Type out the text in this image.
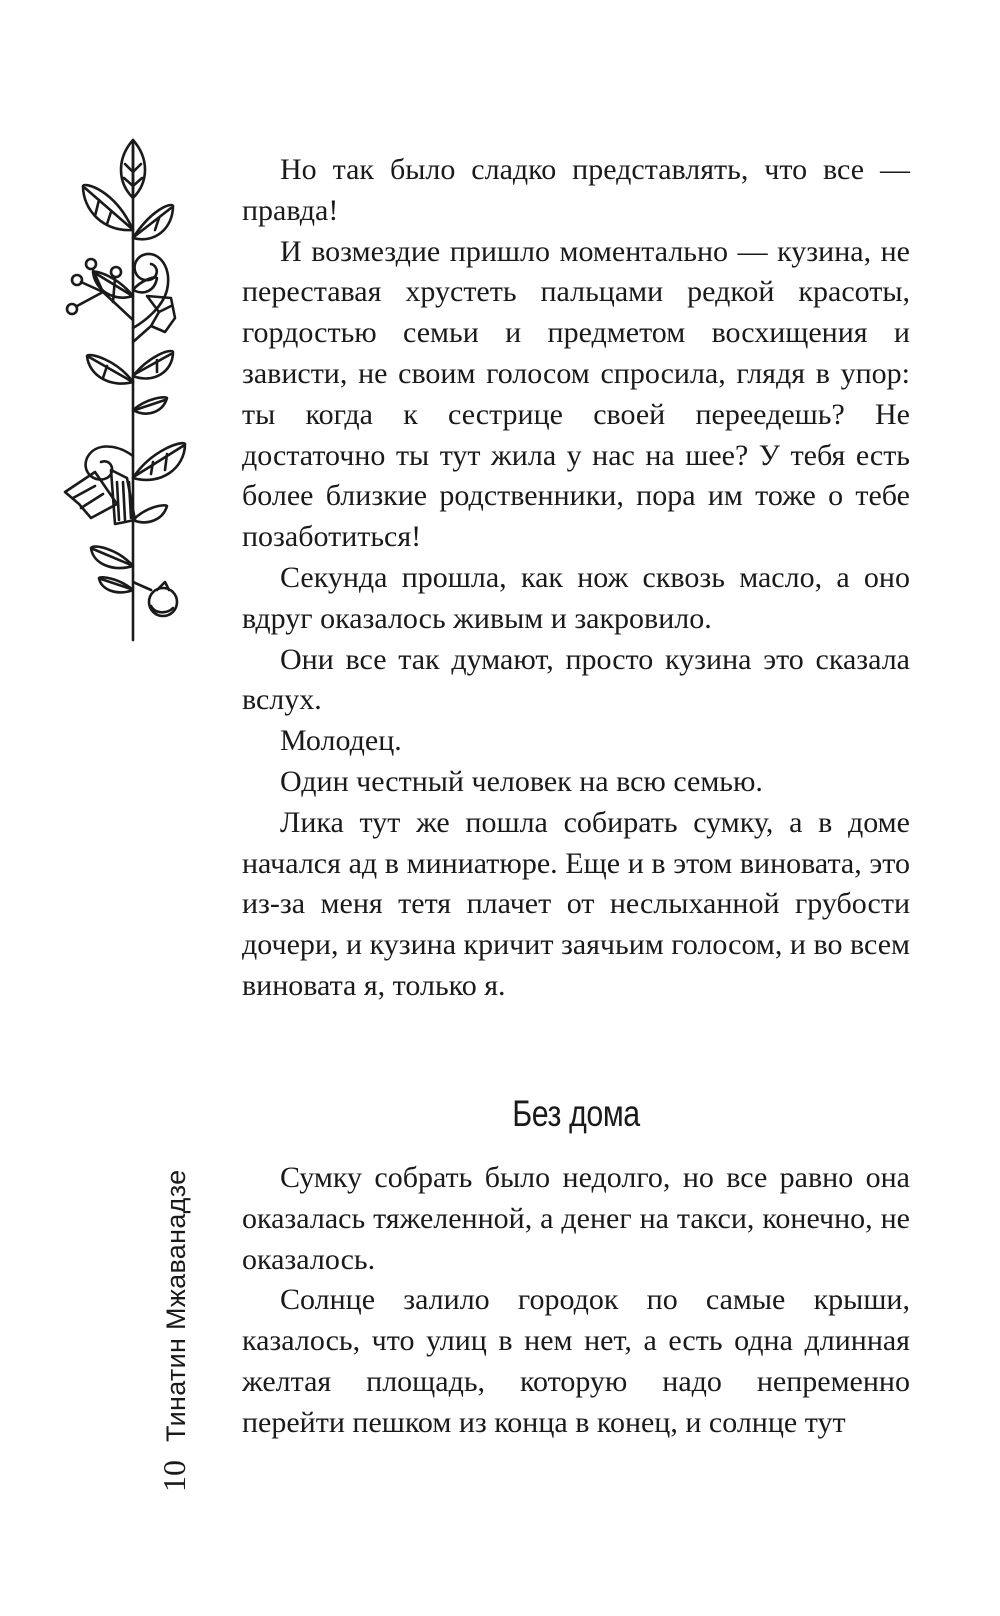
Но так было сладко представлять, что все — правда!

И возмездие пришло моментально — кузина, не переставая хрустеть пальцами редкой красоты, гордостью семьи и предметом восхищения и зависти, не своим голосом спросила, глядя в упор: ты когда к сестрице своей переедешь? Не достаточно ты тут жила у нас на шее? У тебя есть более близкие родственники, пора им тоже о тебе позаботиться!

Секунда прошла, как нож сквозь масло, а оно вдруг оказалось живым и закровило.

Они все так думают, просто кузина это сказала вслух.

Молодец.

Один честный человек на всю семью.

Лика тут же пошла собирать сумку, а в доме начался ад в миниатюре. Еще и в этом виновата, это из-за меня тетя плачет от неслыханной грубости дочери, и кузина кричит заячьим голосом, и во всем виновата я, только я.

Без дома

Сумку собрать было недолго, но все равно она оказалась тяжеленной, а денег на такси, конечно, не оказалось.

Солнце залило городок по самые крыши, казалось, что улиц в нем нет, а есть одна длинная желтая площадь, которую надо непременно перейти пешком из конца в конец, и солнце тут

10
Тинатин Мжаванадзе
